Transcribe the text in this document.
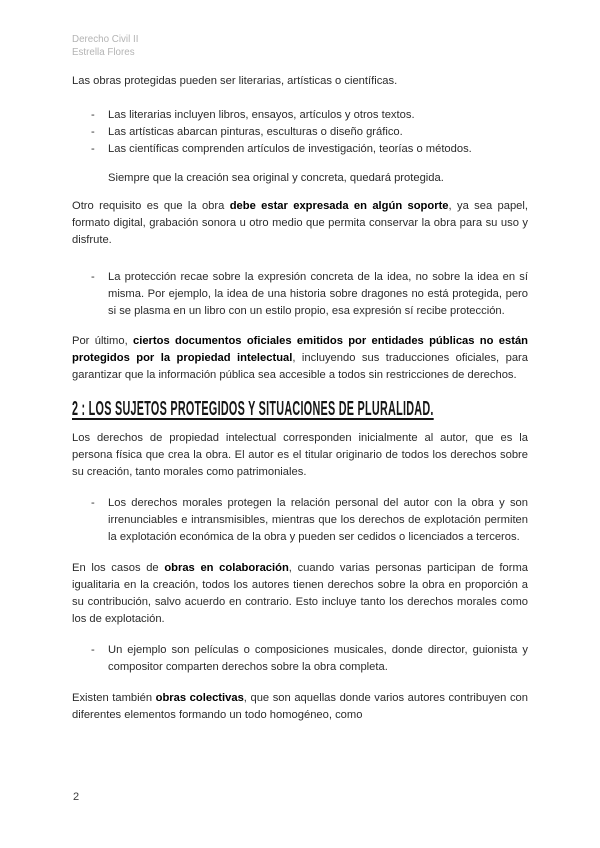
Derecho Civil II
Estrella Flores

Las obras protegidas pueden ser literarias, artísticas o científicas.

- Las literarias incluyen libros, ensayos, artículos y otros textos.
- Las artísticas abarcan pinturas, esculturas o diseño gráfico.
- Las científicas comprenden artículos de investigación, teorías o métodos.

Siempre que la creación sea original y concreta, quedará protegida.

Otro requisito es que la obra debe estar expresada en algún soporte, ya sea papel, formato digital, grabación sonora u otro medio que permita conservar la obra para su uso y disfrute.

- La protección recae sobre la expresión concreta de la idea, no sobre la idea en sí misma. Por ejemplo, la idea de una historia sobre dragones no está protegida, pero si se plasma en un libro con un estilo propio, esa expresión sí recibe protección.

Por último, ciertos documentos oficiales emitidos por entidades públicas no están protegidos por la propiedad intelectual, incluyendo sus traducciones oficiales, para garantizar que la información pública sea accesible a todos sin restricciones de derechos.

2 : LOS SUJETOS PROTEGIDOS Y SITUACIONES DE PLURALIDAD.

Los derechos de propiedad intelectual corresponden inicialmente al autor, que es la persona física que crea la obra. El autor es el titular originario de todos los derechos sobre su creación, tanto morales como patrimoniales.

- Los derechos morales protegen la relación personal del autor con la obra y son irrenunciables e intransmisibles, mientras que los derechos de explotación permiten la explotación económica de la obra y pueden ser cedidos o licenciados a terceros.

En los casos de obras en colaboración, cuando varias personas participan de forma igualitaria en la creación, todos los autores tienen derechos sobre la obra en proporción a su contribución, salvo acuerdo en contrario. Esto incluye tanto los derechos morales como los de explotación.

- Un ejemplo son películas o composiciones musicales, donde director, guionista y compositor comparten derechos sobre la obra completa.

Existen también obras colectivas, que son aquellas donde varios autores contribuyen con diferentes elementos formando un todo homogéneo, como

2
